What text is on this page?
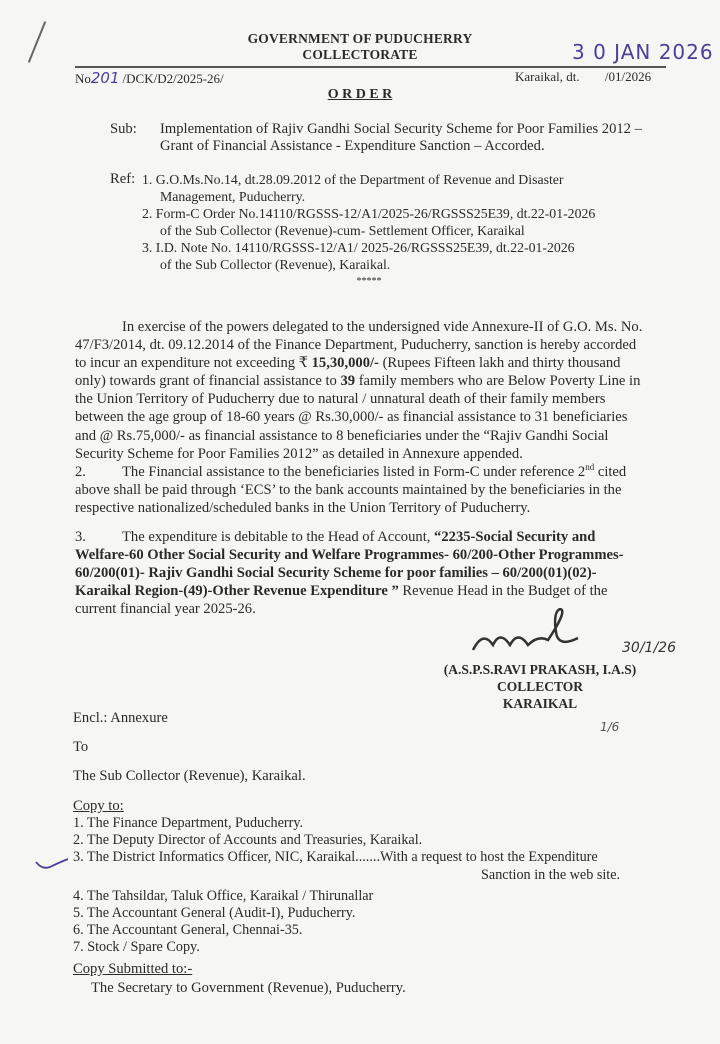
GOVERNMENT OF PUDUCHERRY
COLLECTORATE	3 0 JAN 2026
No201 /DCK/D2/2025-26/	Karaikal, dt. /01/2026
O R D E R
Sub: Implementation of Rajiv Gandhi Social Security Scheme for Poor Families 2012 –
Grant of Financial Assistance - Expenditure Sanction – Accorded.
Ref: 1. G.O.Ms.No.14, dt.28.09.2012 of the Department of Revenue and Disaster
Management, Puducherry.
2. Form-C Order No.14110/RGSSS-12/A1/2025-26/RGSSS25E39, dt.22-01-2026
of the Sub Collector (Revenue)-cum- Settlement Officer, Karaikal
3. I.D. Note No. 14110/RGSSS-12/A1/ 2025-26/RGSSS25E39, dt.22-01-2026
of the Sub Collector (Revenue), Karaikal.
*****
In exercise of the powers delegated to the undersigned vide Annexure-II of G.O. Ms. No.
47/F3/2014, dt. 09.12.2014 of the Finance Department, Puducherry, sanction is hereby accorded
to incur an expenditure not exceeding ₹ 15,30,000/- (Rupees Fifteen lakh and thirty thousand
only) towards grant of financial assistance to 39 family members who are Below Poverty Line in
the Union Territory of Puducherry due to natural / unnatural death of their family members
between the age group of 18-60 years @ Rs.30,000/- as financial assistance to 31 beneficiaries
and @ Rs.75,000/- as financial assistance to 8 beneficiaries under the “Rajiv Gandhi Social
Security Scheme for Poor Families 2012” as detailed in Annexure appended.
2. The Financial assistance to the beneficiaries listed in Form-C under reference 2nd cited
above shall be paid through ‘ECS’ to the bank accounts maintained by the beneficiaries in the
respective nationalized/scheduled banks in the Union Territory of Puducherry.
3. The expenditure is debitable to the Head of Account, “2235-Social Security and
Welfare-60 Other Social Security and Welfare Programmes- 60/200-Other Programmes-
60/200(01)- Rajiv Gandhi Social Security Scheme for poor families – 60/200(01)(02)-
Karaikal Region-(49)-Other Revenue Expenditure ” Revenue Head in the Budget of the
current financial year 2025-26.
30/1/26
(A.S.P.S.RAVI PRAKASH, I.A.S)
COLLECTOR
KARAIKAL
1/6
Encl.: Annexure
To
The Sub Collector (Revenue), Karaikal.
Copy to:
1. The Finance Department, Puducherry.
2. The Deputy Director of Accounts and Treasuries, Karaikal.
3. The District Informatics Officer, NIC, Karaikal.......With a request to host the Expenditure
Sanction in the web site.
4. The Tahsildar, Taluk Office, Karaikal / Thirunallar
5. The Accountant General (Audit-I), Puducherry.
6. The Accountant General, Chennai-35.
7. Stock / Spare Copy.
Copy Submitted to:-
The Secretary to Government (Revenue), Puducherry.
